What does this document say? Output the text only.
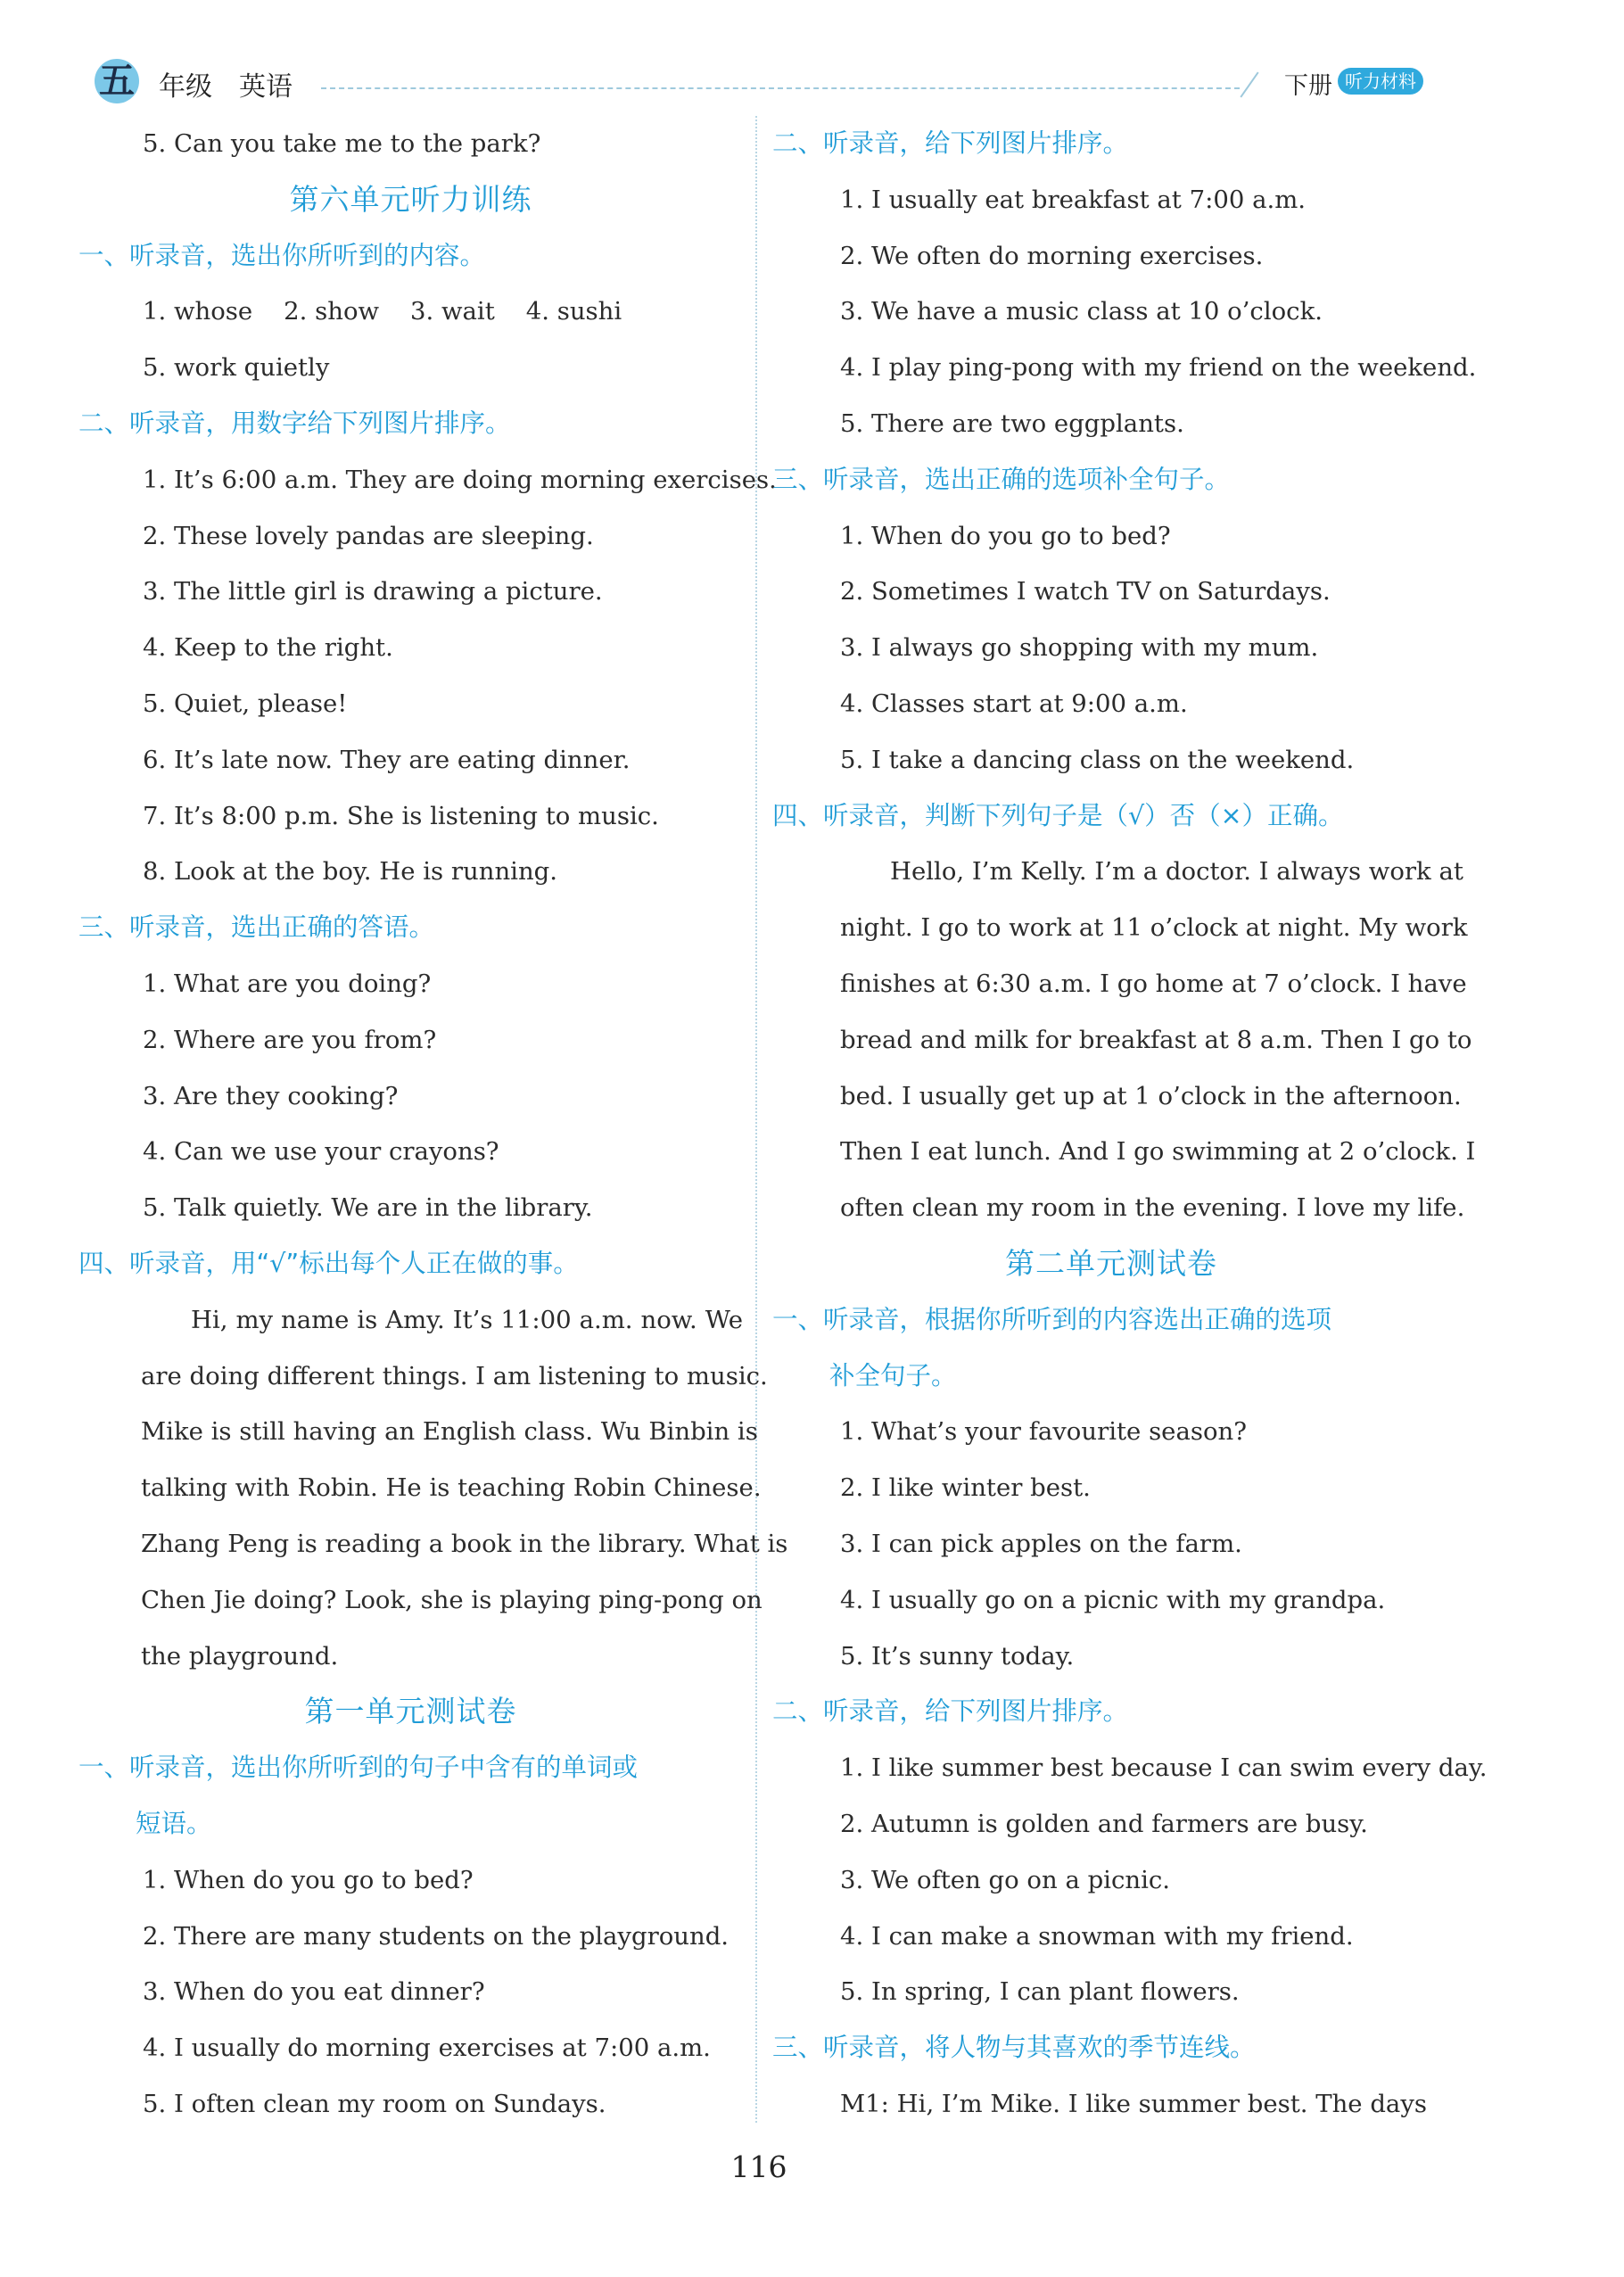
五 年级 英语	下册 听力材料
5. Can you take me to the park?
第六单元听力训练
一、听录音，选出你所听到的内容。
1. whose    2. show    3. wait    4. sushi
5. work quietly
二、听录音，用数字给下列图片排序。
1. It’s 6:00 a.m. They are doing morning exercises.
2. These lovely pandas are sleeping.
3. The little girl is drawing a picture.
4. Keep to the right.
5. Quiet, please!
6. It’s late now. They are eating dinner.
7. It’s 8:00 p.m. She is listening to music.
8. Look at the boy. He is running.
三、听录音，选出正确的答语。
1. What are you doing?
2. Where are you from?
3. Are they cooking?
4. Can we use your crayons?
5. Talk quietly. We are in the library.
四、听录音，用“√”标出每个人正在做的事。
Hi, my name is Amy. It’s 11:00 a.m. now. We
are doing different things. I am listening to music.
Mike is still having an English class. Wu Binbin is
talking with Robin. He is teaching Robin Chinese.
Zhang Peng is reading a book in the library. What is
Chen Jie doing? Look, she is playing ping-pong on
the playground.
第一单元测试卷
一、听录音，选出你所听到的句子中含有的单词或
短语。
1. When do you go to bed?
2. There are many students on the playground.
3. When do you eat dinner?
4. I usually do morning exercises at 7:00 a.m.
5. I often clean my room on Sundays.
二、听录音，给下列图片排序。
1. I usually eat breakfast at 7:00 a.m.
2. We often do morning exercises.
3. We have a music class at 10 o’clock.
4. I play ping-pong with my friend on the weekend.
5. There are two eggplants.
三、听录音，选出正确的选项补全句子。
1. When do you go to bed?
2. Sometimes I watch TV on Saturdays.
3. I always go shopping with my mum.
4. Classes start at 9:00 a.m.
5. I take a dancing class on the weekend.
四、听录音，判断下列句子是（√）否（×）正确。
Hello, I’m Kelly. I’m a doctor. I always work at
night. I go to work at 11 o’clock at night. My work
finishes at 6:30 a.m. I go home at 7 o’clock. I have
bread and milk for breakfast at 8 a.m. Then I go to
bed. I usually get up at 1 o’clock in the afternoon.
Then I eat lunch. And I go swimming at 2 o’clock. I
often clean my room in the evening. I love my life.
第二单元测试卷
一、听录音，根据你所听到的内容选出正确的选项
补全句子。
1. What’s your favourite season?
2. I like winter best.
3. I can pick apples on the farm.
4. I usually go on a picnic with my grandpa.
5. It’s sunny today.
二、听录音，给下列图片排序。
1. I like summer best because I can swim every day.
2. Autumn is golden and farmers are busy.
3. We often go on a picnic.
4. I can make a snowman with my friend.
5. In spring, I can plant flowers.
三、听录音，将人物与其喜欢的季节连线。
M1: Hi, I’m Mike. I like summer best. The days
116
